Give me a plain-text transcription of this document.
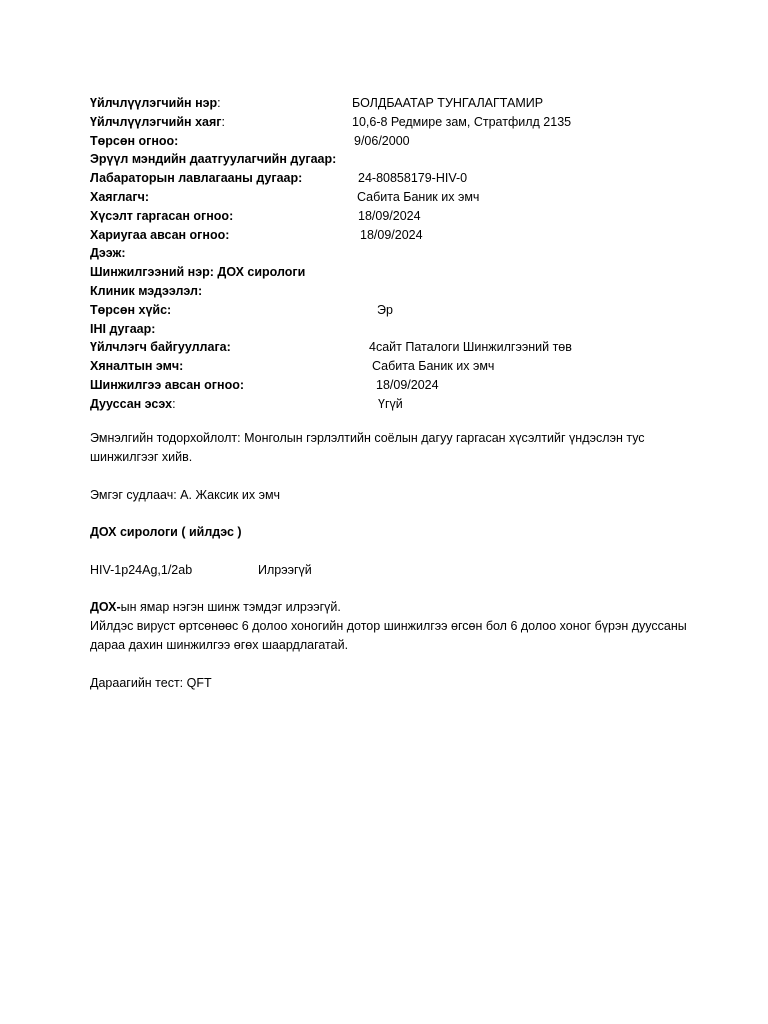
Үйлчлүүлэгчийн нэр:	БОЛДБААТАР ТУНГАЛАГТАМИР
Үйлчлүүлэгчийн хаяг:	10,6-8 Редмире зам, Стратфилд 2135
Төрсөн огноо:	9/06/2000
Эрүүл мэндийн даатгуулагчийн дугаар:
Лабараторын лавлагааны дугаар:	24-80858179-HIV-0
Хаяглагч:	Сабита Баник их эмч
Хүсэлт гаргасан огноо:	18/09/2024
Хариугаа авсан огноо:	18/09/2024
Дээж:
Шинжилгээний нэр: ДОХ сирологи
Клиник мэдээлэл:
Төрсөн хүйс:	Эр
IHI дугаар:
Үйлчлэгч байгууллага:	4сайт Паталоги Шинжилгээний төв
Хяналтын эмч:	Сабита Баник их эмч
Шинжилгээ авсан огноо:	18/09/2024
Дууссан эсэх:	Үгүй
Эмнэлгийн тодорхойлолт: Монголын гэрлэлтийн соёлын дагуу гаргасан хүсэлтийг үндэслэн тус шинжилгээг хийв.
Эмгэг судлаач: А. Жаксик их эмч
ДОХ сирологи ( ийлдэс )
HIV-1p24Ag,1/2ab	Илрээгүй
ДОХ-ын ямар нэгэн шинж тэмдэг илрээгүй.
Ийлдэс вируст өртсөнөөс 6 долоо хоногийн дотор шинжилгээ өгсөн бол 6 долоо хоног бүрэн дууссаны дараа дахин шинжилгээ өгөх шаардлагатай.
Дараагийн тест: QFT
